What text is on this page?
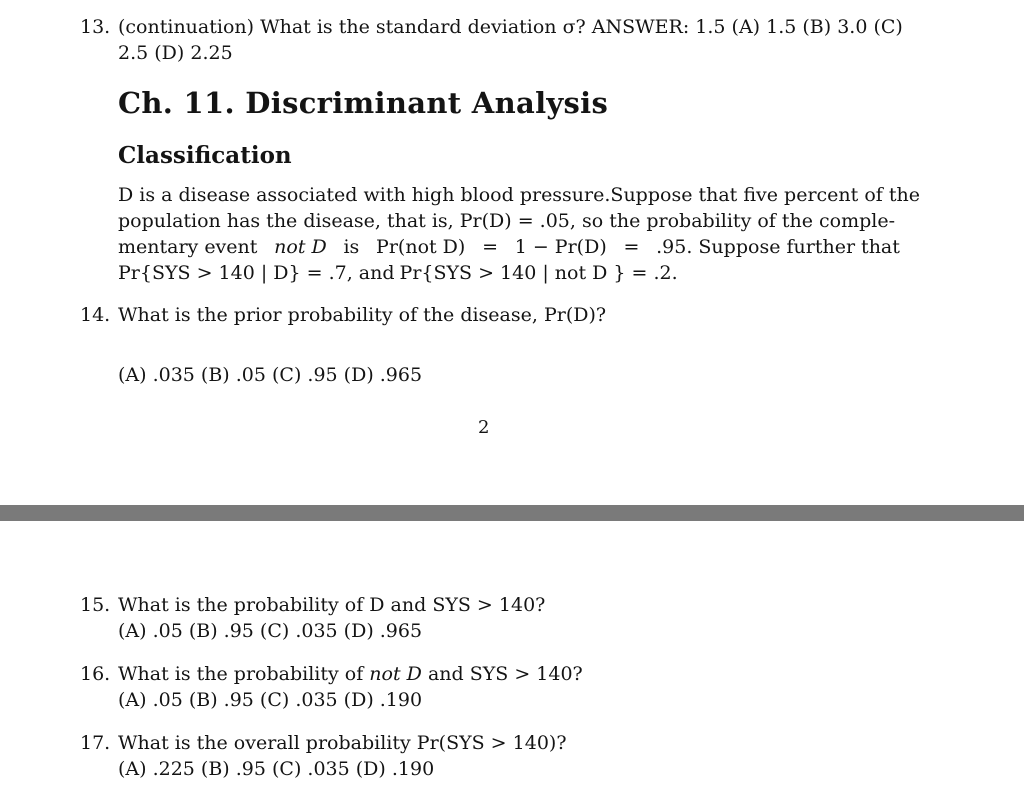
13. (continuation) What is the standard deviation σ? ANSWER: 1.5 (A) 1.5 (B) 3.0 (C)
2.5 (D) 2.25
Ch. 11. Discriminant Analysis
Classification
D is a disease associated with high blood pressure. Suppose that five percent of the
population has the disease, that is, Pr(D) = .05, so the probability of the comple-
mentary event not D is Pr(not D) = 1 − Pr(D) = .95. Suppose further that
Pr{SYS > 140 | D} = .7, and Pr{SYS > 140 | not D } = .2.
14. What is the prior probability of the disease, Pr(D)?
(A) .035 (B) .05 (C) .95 (D) .965
2
15. What is the probability of D and SYS > 140?
(A) .05 (B) .95 (C) .035 (D) .965
16. What is the probability of not D and SYS > 140?
(A) .05 (B) .95 (C) .035 (D) .190
17. What is the overall probability Pr(SYS > 140)?
(A) .225 (B) .95 (C) .035 (D) .190
